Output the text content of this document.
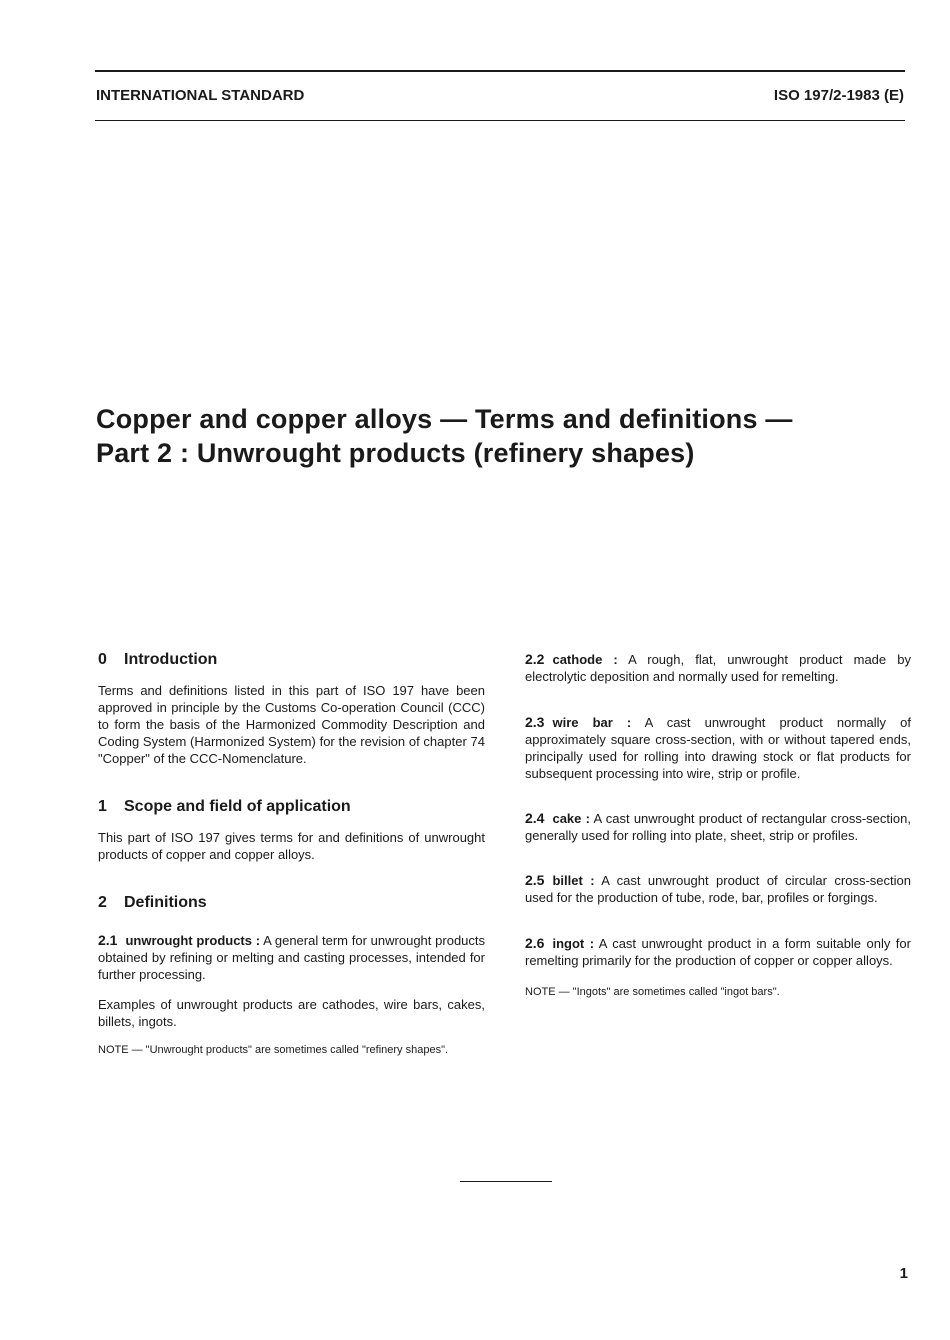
INTERNATIONAL STANDARD	ISO 197/2-1983 (E)
Copper and copper alloys — Terms and definitions —
Part 2 : Unwrought products (refinery shapes)
0 Introduction

Terms and definitions listed in this part of ISO 197 have been approved in principle by the Customs Co-operation Council (CCC) to form the basis of the Harmonized Commodity Description and Coding System (Harmonized System) for the revision of chapter 74 "Copper" of the CCC-Nomenclature.

1 Scope and field of application

This part of ISO 197 gives terms for and definitions of unwrought products of copper and copper alloys.

2 Definitions

2.1 unwrought products : A general term for unwrought products obtained by refining or melting and casting processes, intended for further processing.

Examples of unwrought products are cathodes, wire bars, cakes, billets, ingots.

NOTE — "Unwrought products" are sometimes called "refinery shapes".

2.2 cathode : A rough, flat, unwrought product made by electrolytic deposition and normally used for remelting.

2.3 wire bar : A cast unwrought product normally of approximately square cross-section, with or without tapered ends, principally used for rolling into drawing stock or flat products for subsequent processing into wire, strip or profile.

2.4 cake : A cast unwrought product of rectangular cross-section, generally used for rolling into plate, sheet, strip or profiles.

2.5 billet : A cast unwrought product of circular cross-section used for the production of tube, rode, bar, profiles or forgings.

2.6 ingot : A cast unwrought product in a form suitable only for remelting primarily for the production of copper or copper alloys.

NOTE — "Ingots" are sometimes called "ingot bars".

1
